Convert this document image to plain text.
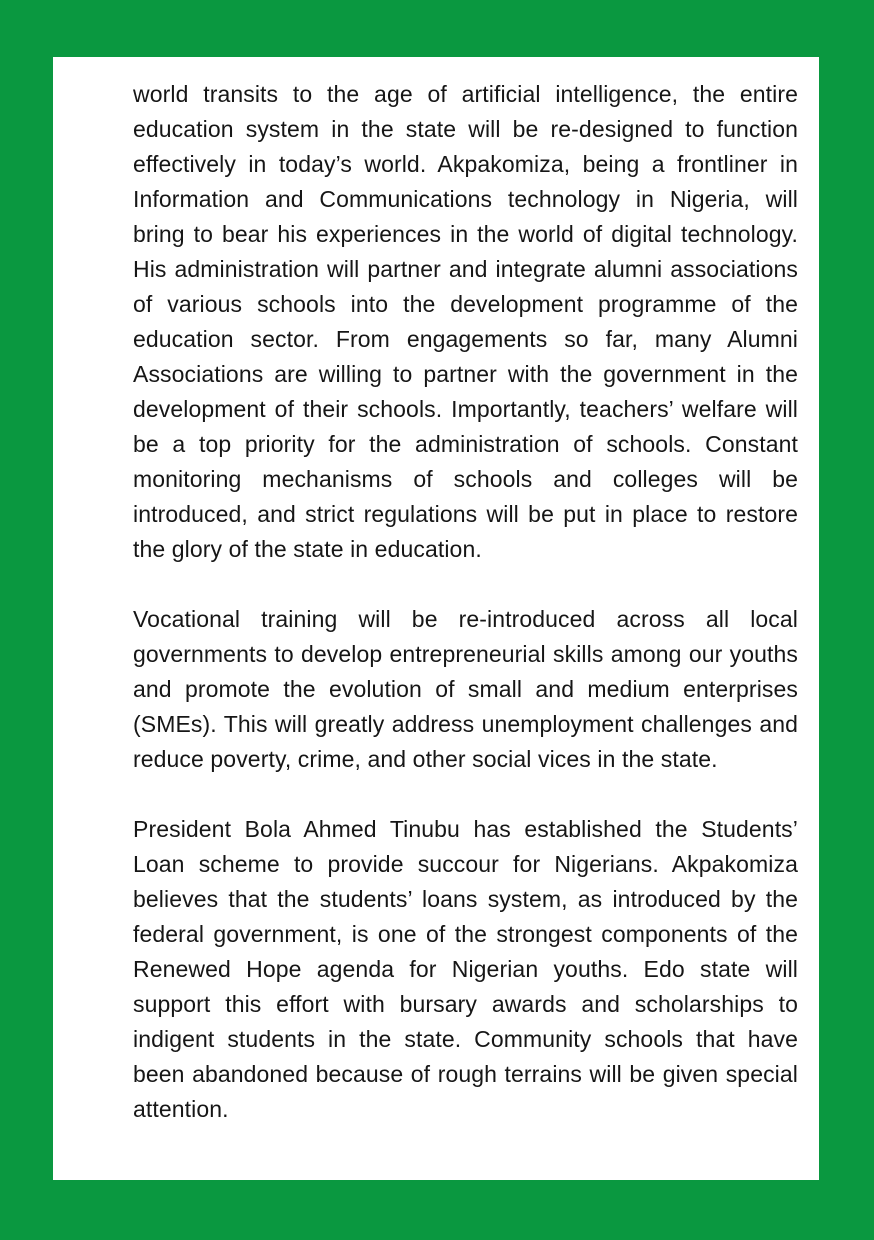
world transits to the age of artificial intelligence, the entire education system in the state will be re-designed to function effectively in today’s world. Akpakomiza, being a frontliner in Information and Communications technology in Nigeria, will bring to bear his experiences in the world of digital technology. His administration will partner and integrate alumni associations of various schools into the development programme of the education sector. From engagements so far, many Alumni Associations are willing to partner with the government in the development of their schools. Importantly, teachers’ welfare will be a top priority for the administration of schools. Constant monitoring mechanisms of schools and colleges will be introduced, and strict regulations will be put in place to restore the glory of the state in education.

Vocational training will be re-introduced across all local governments to develop entrepreneurial skills among our youths and promote the evolution of small and medium enterprises (SMEs). This will greatly address unemployment challenges and reduce poverty, crime, and other social vices in the state.

President Bola Ahmed Tinubu has established the Students’ Loan scheme to provide succour for Nigerians. Akpakomiza believes that the students’ loans system, as introduced by the federal government, is one of the strongest components of the Renewed Hope agenda for Nigerian youths. Edo state will support this effort with bursary awards and scholarships to indigent students in the state. Community schools that have been abandoned because of rough terrains will be given special attention.
